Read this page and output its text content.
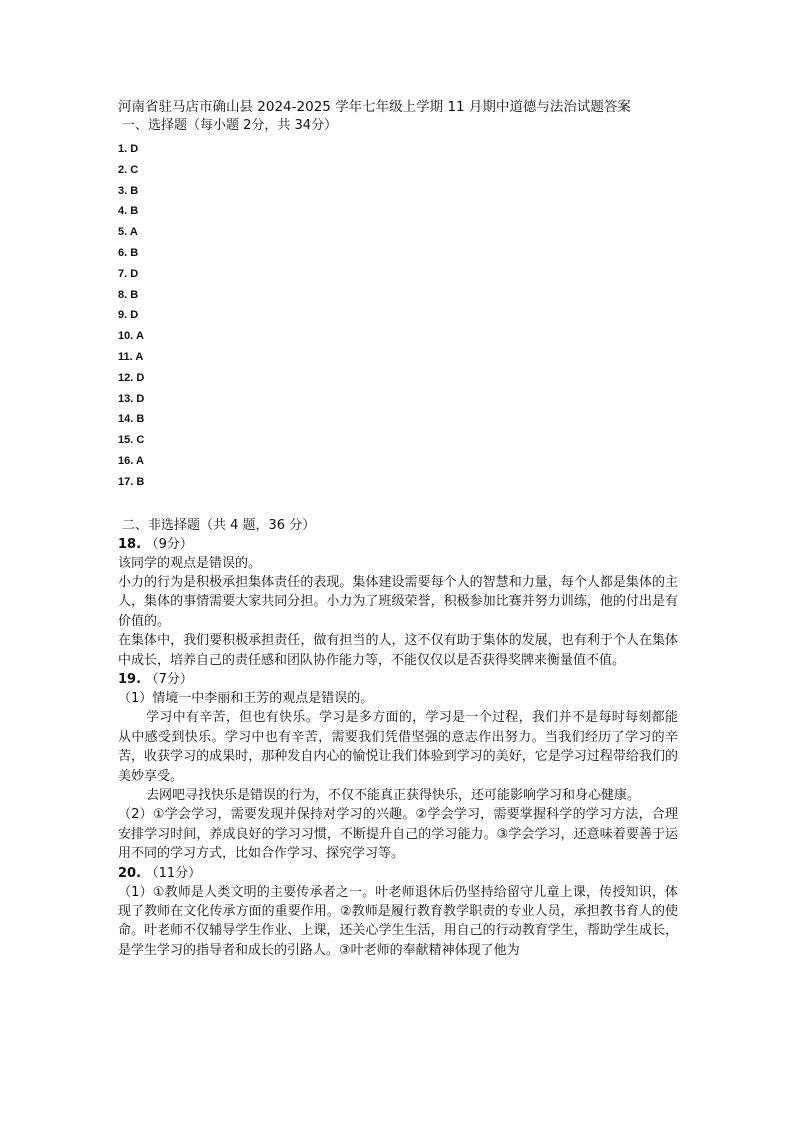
河南省驻马店市确山县 2024-2025 学年七年级上学期 11 月期中道德与法治试题答案

一、选择题（每小题 2分，共 34分）

1. D
2. C
3. B
4. B
5. A
6. B
7. D
8. B
9. D
10. A
11. A
12. D
13. D
14. B
15. C
16. A
17. B

二、非选择题（共 4 题，36 分）

18. （9分）

该同学的观点是错误的。

小力的行为是积极承担集体责任的表现。集体建设需要每个人的智慧和力量，每个人都是集体的主人，集体的事情需要大家共同分担。小力为了班级荣誉，积极参加比赛并努力训练，他的付出是有价值的。

在集体中，我们要积极承担责任，做有担当的人，这不仅有助于集体的发展，也有利于个人在集体中成长，培养自己的责任感和团队协作能力等，不能仅仅以是否获得奖牌来衡量值不值。

19. （7分）

（1）情境一中李丽和王芳的观点是错误的。

学习中有辛苦，但也有快乐。学习是多方面的，学习是一个过程，我们并不是每时每刻都能从中感受到快乐。学习中也有辛苦，需要我们凭借坚强的意志作出努力。当我们经历了学习的辛苦，收获学习的成果时，那种发自内心的愉悦让我们体验到学习的美好，它是学习过程带给我们的美妙享受。

去网吧寻找快乐是错误的行为，不仅不能真正获得快乐，还可能影响学习和身心健康。

（2）①学会学习，需要发现并保持对学习的兴趣。②学会学习，需要掌握科学的学习方法，合理安排学习时间，养成良好的学习习惯，不断提升自己的学习能力。③学会学习，还意味着要善于运用不同的学习方式，比如合作学习、探究学习等。

20. （11分）

（1）①教师是人类文明的主要传承者之一。叶老师退休后仍坚持给留守儿童上课，传授知识，体现了教师在文化传承方面的重要作用。②教师是履行教育教学职责的专业人员，承担教书育人的使命。叶老师不仅辅导学生作业、上课，还关心学生生活，用自己的行动教育学生，帮助学生成长，是学生学习的指导者和成长的引路人。③叶老师的奉献精神体现了他为
